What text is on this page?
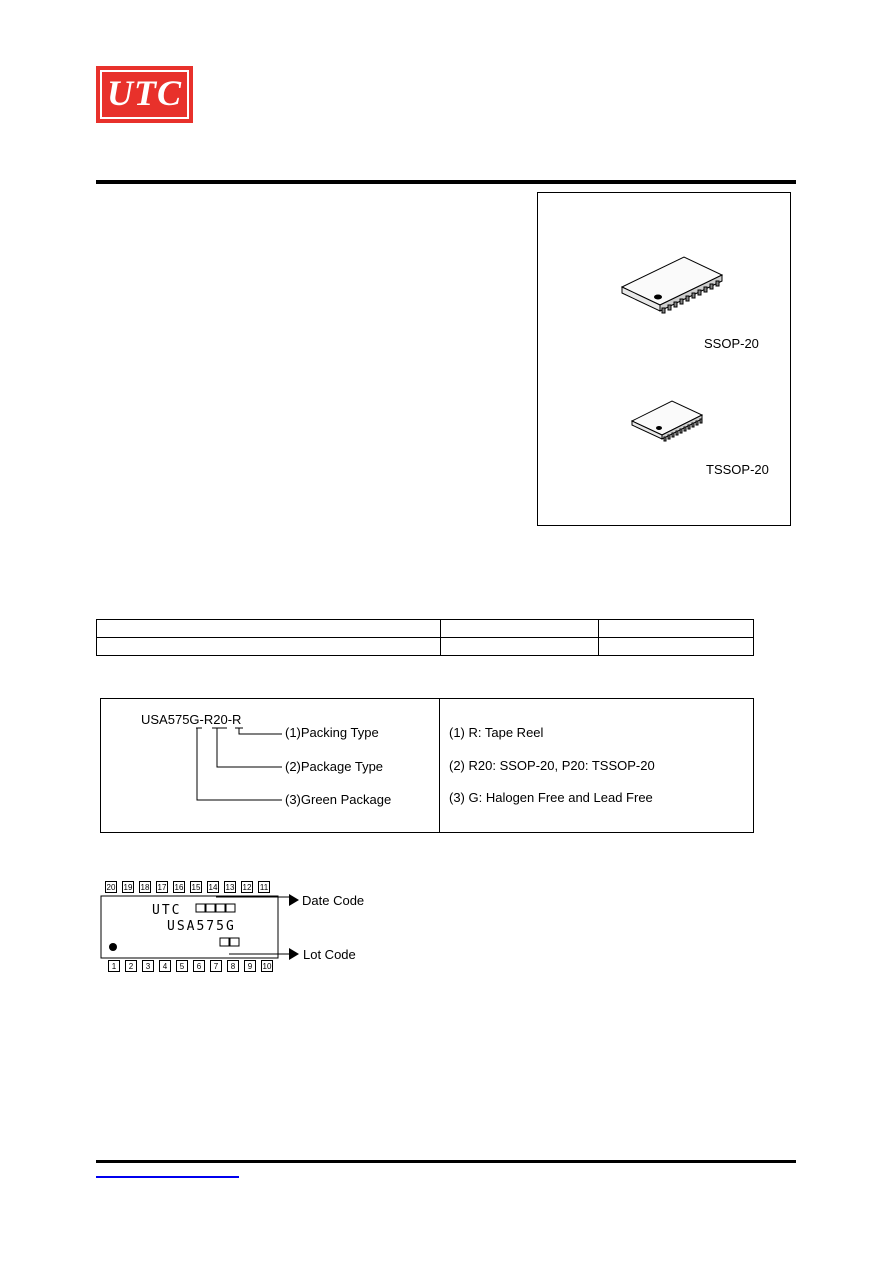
UTC
SSOP-20
TSSOP-20

USA575G-R20-R
(1)Packing Type
(2)Package Type
(3)Green Package
(1) R: Tape Reel
(2) R20: SSOP-20, P20: TSSOP-20
(3) G: Halogen Free and Lead Free
UTC
USA575G
20 19 18 17 16 15 14 13 12 11
1	2	3	4	5	6	7	8	9	10
Date Code
Lot Code
